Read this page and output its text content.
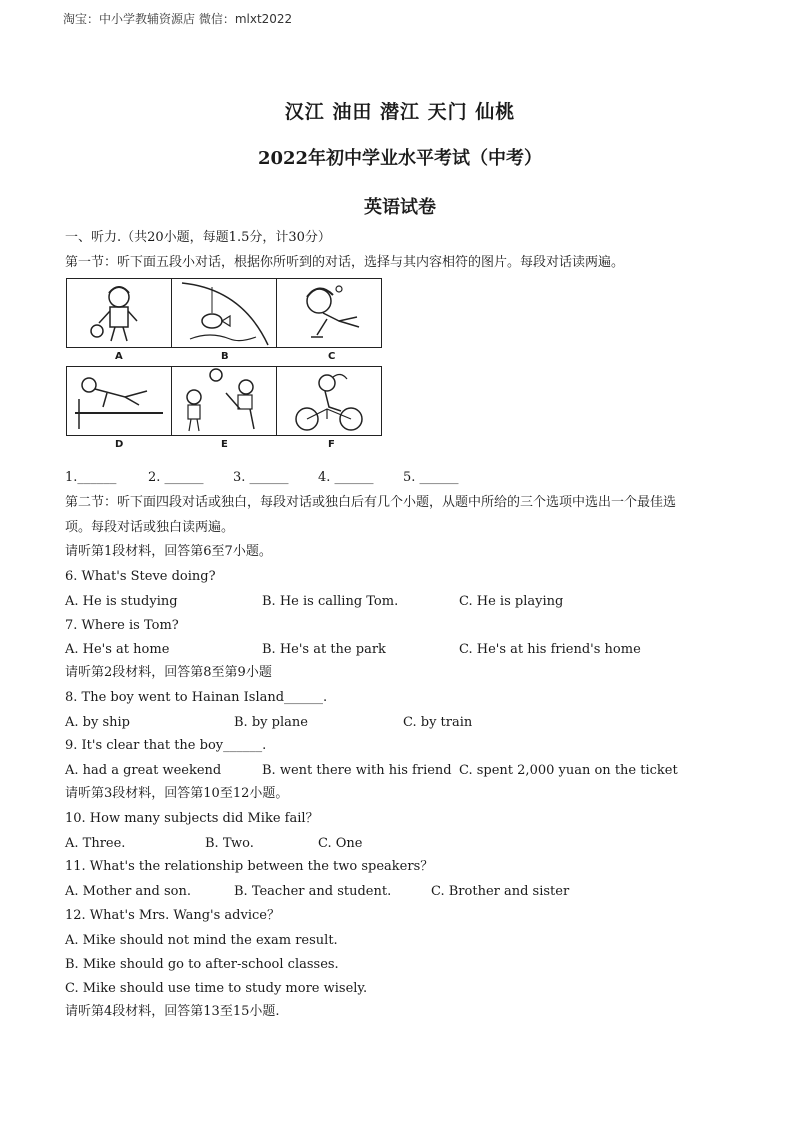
淘宝：中小学教辅资源店 微信：mlxt2022
汉江 油田 潜江 天门 仙桃
2022年初中学业水平考试（中考）
英语试卷
一、听力.（共20小题，每题1.5分，计30分）
第一节：听下面五段小对话，根据你所听到的对话，选择与其内容相符的图片。每段对话读两遍。
A	B	C
D	E	F
1.______ 2. ______ 3. ______ 4. ______ 5. ______
第二节：听下面四段对话或独白，每段对话或独白后有几个小题，从题中所给的三个选项中选出一个最佳选
项。每段对话或独白读两遍。
请听第1段材料，回答第6至7小题。
6. What's Steve doing?
A. He is studying	B. He is calling Tom.	C. He is playing
7. Where is Tom?
A. He's at home	B. He's at the park	C. He's at his friend's home
请听第2段材料，回答第8至第9小题
8. The boy went to Hainan Island______.
A. by ship	B. by plane	C. by train
9. It's clear that the boy______.
A. had a great weekend	B. went there with his friend C. spent 2,000 yuan on the ticket
请听第3段材料，回答第10至12小题。
10. How many subjects did Mike fail？
A. Three.	B. Two.	C. One
11. What's the relationship between the two speakers？
A. Mother and son.	B. Teacher and student.	C. Brother and sister
12. What's Mrs. Wang's advice？
A. Mike should not mind the exam result.
B. Mike should go to after-school classes.
C. Mike should use time to study more wisely.
请听第4段材料，回答第13至15小题.
